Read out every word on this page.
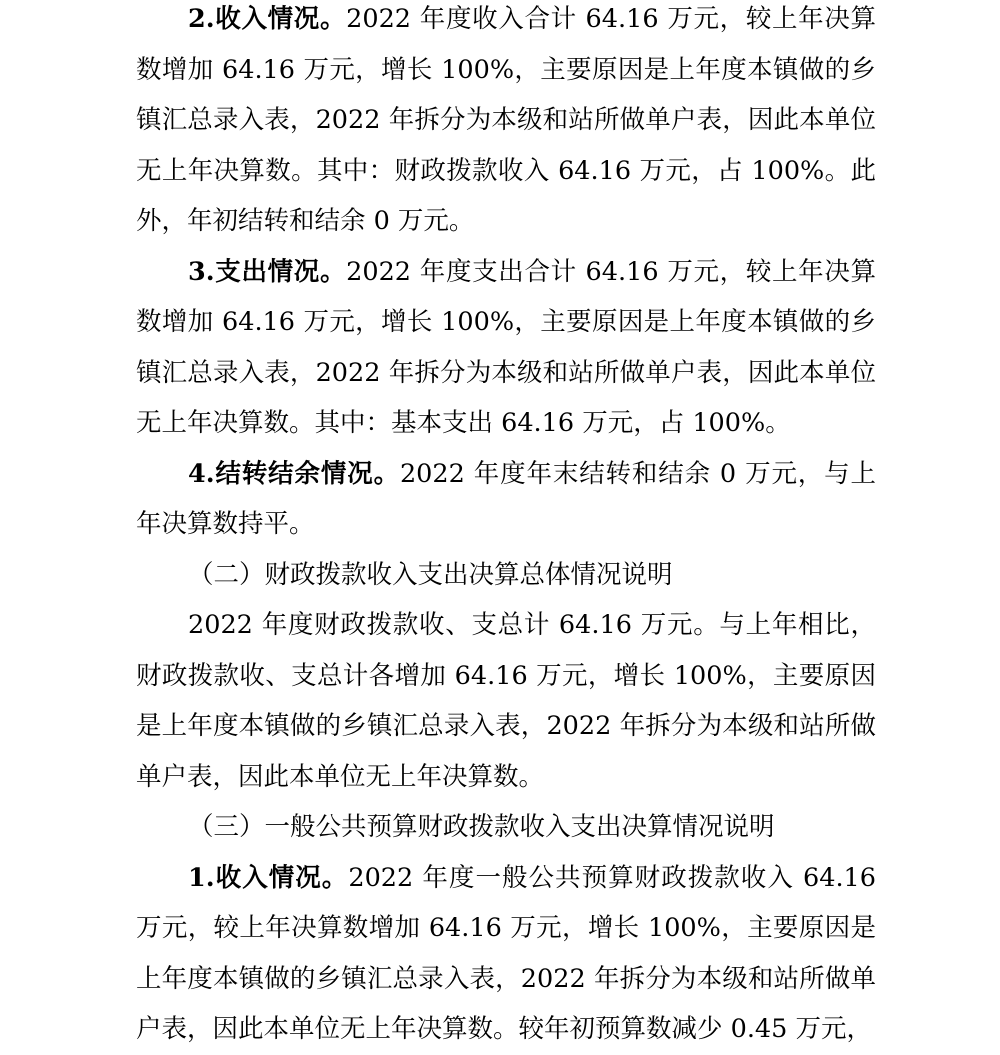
2.收入情况。2022 年度收入合计 64.16 万元，较上年决算数增加 64.16 万元，增长 100%，主要原因是上年度本镇做的乡镇汇总录入表，2022 年拆分为本级和站所做单户表，因此本单位无上年决算数。其中：财政拨款收入 64.16 万元，占 100%。此外，年初结转和结余 0 万元。

3.支出情况。2022 年度支出合计 64.16 万元，较上年决算数增加 64.16 万元，增长 100%，主要原因是上年度本镇做的乡镇汇总录入表，2022 年拆分为本级和站所做单户表，因此本单位无上年决算数。其中：基本支出 64.16 万元，占 100%。

4.结转结余情况。2022 年度年末结转和结余 0 万元，与上年决算数持平。

（二）财政拨款收入支出决算总体情况说明

2022 年度财政拨款收、支总计 64.16 万元。与上年相比，财政拨款收、支总计各增加 64.16 万元，增长 100%，主要原因是上年度本镇做的乡镇汇总录入表，2022 年拆分为本级和站所做单户表，因此本单位无上年决算数。

（三）一般公共预算财政拨款收入支出决算情况说明

1.收入情况。2022 年度一般公共预算财政拨款收入 64.16 万元，较上年决算数增加 64.16 万元，增长 100%，主要原因是上年度本镇做的乡镇汇总录入表，2022 年拆分为本级和站所做单户表，因此本单位无上年决算数。较年初预算数减少 0.45 万元，
